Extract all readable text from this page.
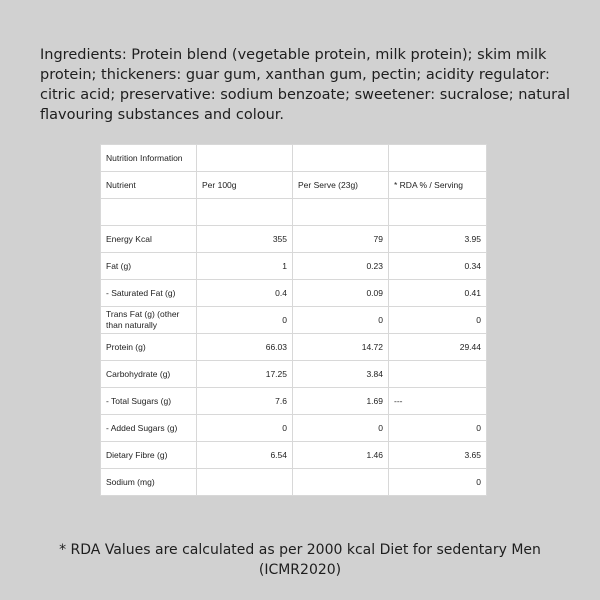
Ingredients: Protein blend (vegetable protein, milk protein); skim milk protein; thickeners: guar gum, xanthan gum, pectin; acidity regulator: citric acid; preservative: sodium benzoate; sweetener: sucralose; natural flavouring substances and colour.

Nutrition Information			
Nutrient	Per 100g	Per Serve (23g)	* RDA % / Serving

Energy Kcal	355	79	3.95
Fat (g)	1	0.23	0.34
- Saturated Fat (g)	0.4	0.09	0.41
Trans Fat (g) (other than naturally	0	0	0
Protein (g)	66.03	14.72	29.44
Carbohydrate (g)	17.25	3.84	
- Total Sugars (g)	7.6	1.69	---
- Added Sugars (g)	0	0	0
Dietary Fibre (g)	6.54	1.46	3.65
Sodium (mg)			0

* RDA Values are calculated as per 2000 kcal Diet for sedentary Men (ICMR2020)
